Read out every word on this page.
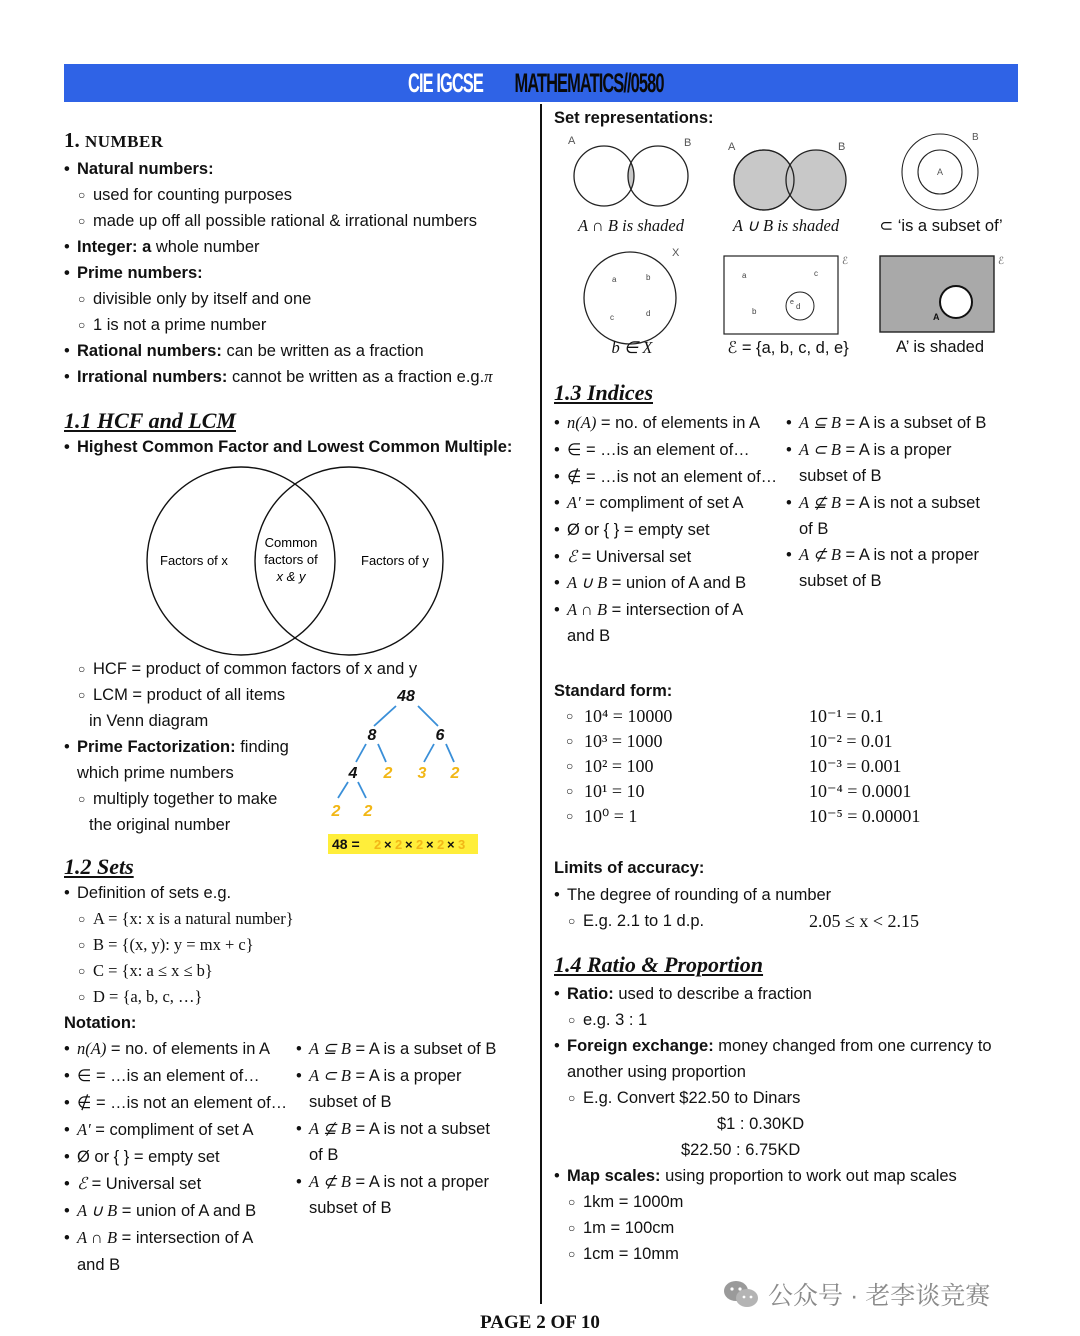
CIE IGCSEMATHEMATICS//0580
1. NUMBER
• Natural numbers:
○ used for counting purposes
○ made up off all possible rational & irrational numbers
• Integer: a whole number
• Prime numbers:
○ divisible only by itself and one
○ 1 is not a prime number
• Rational numbers: can be written as a fraction
• Irrational numbers: cannot be written as a fraction e.g.π
1.1 HCF and LCM
• Highest Common Factor and Lowest Common Multiple:
Factors of x
Common
factors of
x & y
Factors of y
○ HCF = product of common factors of x and y
○ LCM = product of all items
in Venn diagram
• Prime Factorization: finding
which prime numbers
○ multiply together to make
the original number
48
8	6
4 2 3 2
2 2
48 = 2 × 2 × 2 × 2 × 3
1.2 Sets
• Definition of sets e.g.
○ A = {x: x is a natural number}
○ B = {(x, y): y = mx + c}
○ C = {x: a ≤ x ≤ b}
○ D = {a, b, c, …}
Notation:
• n(A) = no. of elements in A
• ∈ = …is an element of…
• ∉ = …is not an element of…
• A′ = compliment of set A
• Ø or { } = empty set
• ℰ = Universal set
• A ∪ B = union of A and B
• A ∩ B = intersection of A
and B
• A ⊆ B = A is a subset of B
• A ⊂ B = A is a proper
subset of B
• A ⊈ B = A is not a subset
of B
• A ⊄ B = A is not a proper
subset of B
Set representations:
A	B	A	B
B
A
X
a	b
c	d
ℰ
a	c
b
d
e
ℰ
A
A ∩ B is shaded	A ∪ B is shaded	⊂ ‘is a subset of’
b ∈ X	ℰ = {a, b, c, d, e}	A’ is shaded
1.3 Indices
• n(A) = no. of elements in A
• ∈ = …is an element of…
• ∉ = …is not an element of…
• A′ = compliment of set A
• Ø or { } = empty set
• ℰ = Universal set
• A ∪ B = union of A and B
• A ∩ B = intersection of A
and B
• A ⊆ B = A is a subset of B
• A ⊂ B = A is a proper
subset of B
• A ⊈ B = A is not a subset
of B
• A ⊄ B = A is not a proper
subset of B
Standard form:
○ 10⁴ = 10000	10⁻¹ = 0.1
○ 10³ = 1000	10⁻² = 0.01
○ 10² = 100	10⁻³ = 0.001
○ 10¹ = 10	10⁻⁴ = 0.0001
○ 10⁰ = 1	10⁻⁵ = 0.00001
Limits of accuracy:
• The degree of rounding of a number
○ E.g. 2.1 to 1 d.p.	2.05 ≤ x < 2.15
1.4 Ratio & Proportion
• Ratio: used to describe a fraction
○ e.g. 3 : 1
• Foreign exchange: money changed from one currency to
another using proportion
○ E.g. Convert $22.50 to Dinars
$1 : 0.30KD
$22.50 : 6.75KD
• Map scales: using proportion to work out map scales
○ 1km = 1000m
○ 1m = 100cm
○ 1cm = 10mm
公众号 · 老李谈竞赛
PAGE 2 OF 10
